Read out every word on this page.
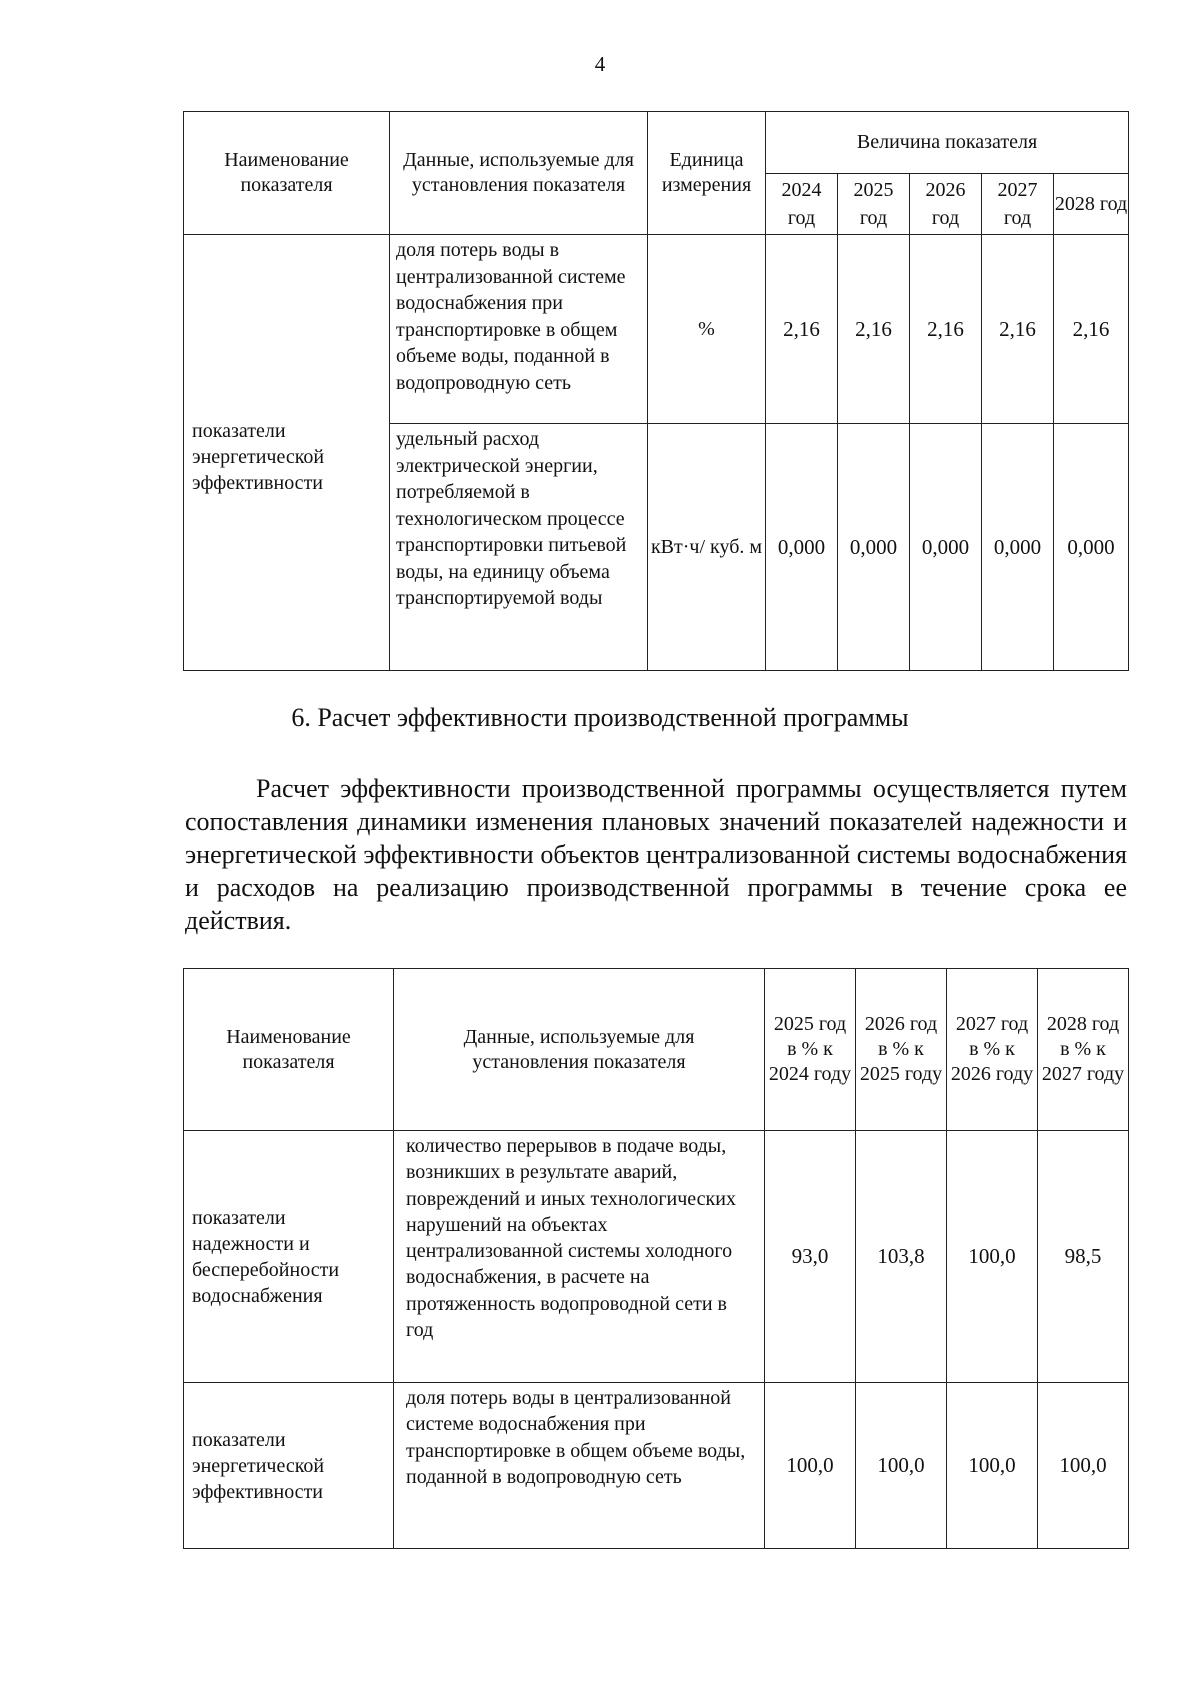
4
Наименование показателя	Данные, используемые для установления показателя	Единица измерения	Величина показателя				
			2024 год	2025 год	2026 год	2027 год	2028 год
показатели энергетической эффективности	доля потерь воды в централизованной системе водоснабжения при транспортировке в общем объеме воды, поданной в водопроводную сеть	%	2,16	2,16	2,16	2,16	2,16
	удельный расход электрической энергии, потребляемой в технологическом процессе транспортировки питьевой воды, на единицу объема транспортируемой воды	кВт·ч/ куб. м	0,000	0,000	0,000	0,000	0,000
6. Расчет эффективности производственной программы

Расчет эффективности производственной программы осуществляется путем сопоставления динамики изменения плановых значений показателей надежности и энергетической эффективности объектов централизованной системы водоснабжения и расходов на реализацию производственной программы в течение срока ее действия.

Наименование показателя	Данные, используемые для установления показателя	2025 год в % к 2024 году	2026 год в % к 2025 году	2027 год в % к 2026 году	2028 год в % к 2027 году
показатели надежности и бесперебойности водоснабжения	количество перерывов в подаче воды, возникших в результате аварий, повреждений и иных технологических нарушений на объектах централизованной системы холодного водоснабжения, в расчете на протяженность водопроводной сети в год	93,0	103,8	100,0	98,5
показатели энергетической эффективности	доля потерь воды в централизованной системе водоснабжения при транспортировке в общем объеме воды, поданной в водопроводную сеть	100,0	100,0	100,0	100,0
